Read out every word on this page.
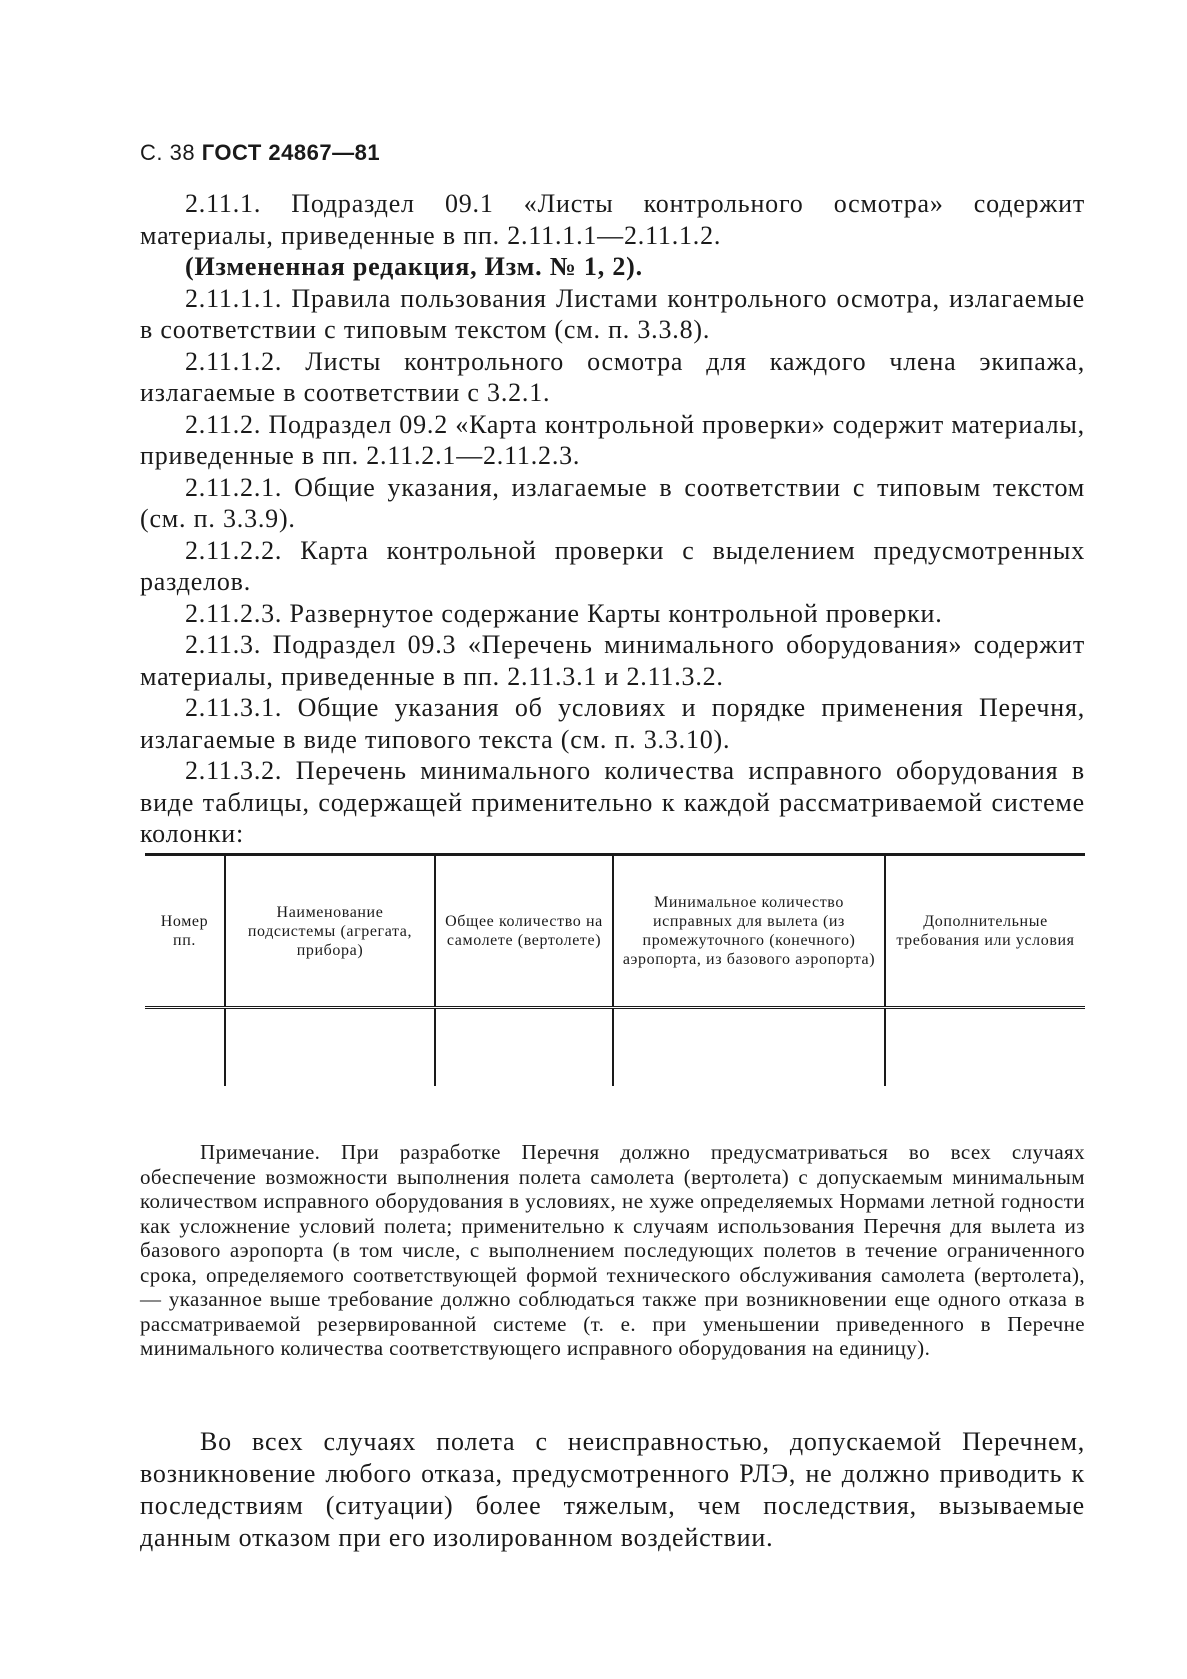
С. 38 ГОСТ 24867—81

2.11.1. Подраздел 09.1 «Листы контрольного осмотра» содержит материалы, приведенные в пп. 2.11.1.1—2.11.1.2.

(Измененная редакция, Изм. № 1, 2).

2.11.1.1. Правила пользования Листами контрольного осмотра, излагаемые в соответствии с типовым текстом (см. п. 3.3.8).

2.11.1.2. Листы контрольного осмотра для каждого члена экипажа, излагаемые в соответствии с 3.2.1.

2.11.2. Подраздел 09.2 «Карта контрольной проверки» содержит материалы, приведенные в пп. 2.11.2.1—2.11.2.3.

2.11.2.1. Общие указания, излагаемые в соответствии с типовым текстом (см. п. 3.3.9).

2.11.2.2. Карта контрольной проверки с выделением предусмотренных разделов.

2.11.2.3. Развернутое содержание Карты контрольной проверки.

2.11.3. Подраздел 09.3 «Перечень минимального оборудования» содержит материалы, приведенные в пп. 2.11.3.1 и 2.11.3.2.

2.11.3.1. Общие указания об условиях и порядке применения Перечня, излагаемые в виде типового текста (см. п. 3.3.10).

2.11.3.2. Перечень минимального количества исправного оборудования в виде таблицы, содержащей применительно к каждой рассматриваемой системе колонки:

Номер пп.	Наименование подсистемы (агрегата, прибора)	Общее количество на самолете (вертолете)	Минимальное количество исправных для вылета (из промежуточного (конечного) аэропорта, из базового аэропорта)	Дополнительные требования или условия

Примечание. При разработке Перечня должно предусматриваться во всех случаях обеспечение возможности выполнения полета самолета (вертолета) с допускаемым минимальным количеством исправного оборудования в условиях, не хуже определяемых Нормами летной годности как усложнение условий полета; применительно к случаям использования Перечня для вылета из базового аэропорта (в том числе, с выполнением последующих полетов в течение ограниченного срока, определяемого соответствующей формой технического обслуживания самолета (вертолета), — указанное выше требование должно соблюдаться также при возникновении еще одного отказа в рассматриваемой резервированной системе (т. е. при уменьшении приведенного в Перечне минимального количества соответствующего исправного оборудования на единицу).
Во всех случаях полета с неисправностью, допускаемой Перечнем, возникновение любого отказа, предусмотренного РЛЭ, не должно приводить к последствиям (ситуации) более тяжелым, чем последствия, вызываемые данным отказом при его изолированном воздействии.
